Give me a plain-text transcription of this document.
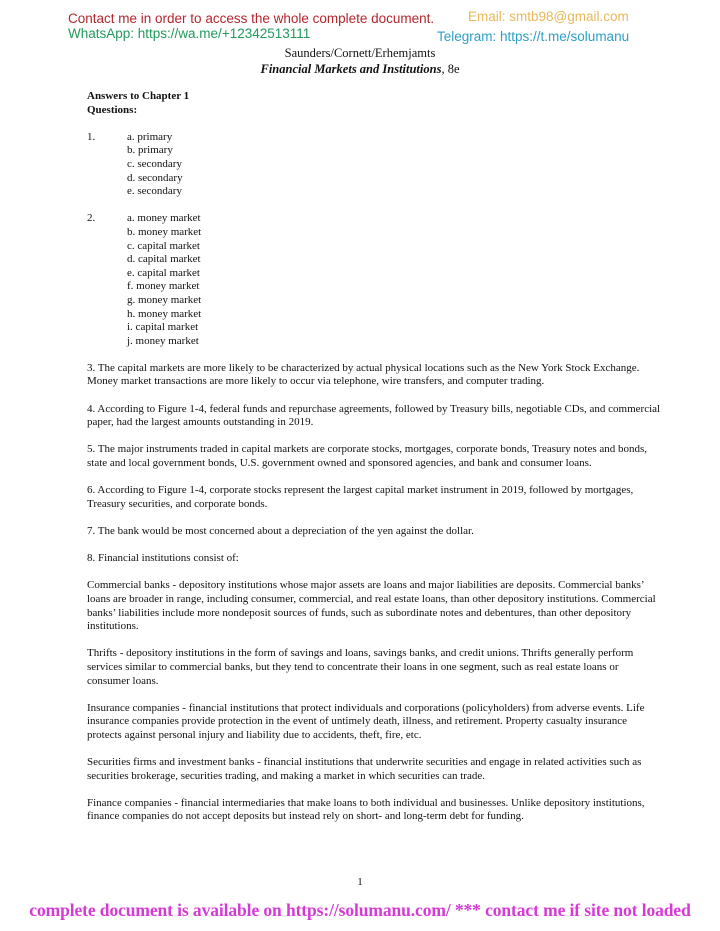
Contact me in order to access the whole complete document.	Email: smtb98@gmail.com
WhatsApp: https://wa.me/+12342513111	Telegram: https://t.me/solumanu
Saunders/Cornett/Erhemjamts
Financial Markets and Institutions, 8e

Answers to Chapter 1

Questions:

1.	a. primary
b. primary
c. secondary
d. secondary
e. secondary
2.	a. money market
b. money market
c. capital market
d. capital market
e. capital market
f. money market
g. money market
h. money market
i. capital market
j. money market

3. The capital markets are more likely to be characterized by actual physical locations such as the New York Stock Exchange. Money market transactions are more likely to occur via telephone, wire transfers, and computer trading.

4. According to Figure 1-4, federal funds and repurchase agreements, followed by Treasury bills, negotiable CDs, and commercial paper, had the largest amounts outstanding in 2019.

5. The major instruments traded in capital markets are corporate stocks, mortgages, corporate bonds, Treasury notes and bonds, state and local government bonds, U.S. government owned and sponsored agencies, and bank and consumer loans.

6. According to Figure 1-4, corporate stocks represent the largest capital market instrument in 2019, followed by mortgages, Treasury securities, and corporate bonds.

7. The bank would be most concerned about a depreciation of the yen against the dollar.

8. Financial institutions consist of:

Commercial banks - depository institutions whose major assets are loans and major liabilities are deposits. Commercial banks’ loans are broader in range, including consumer, commercial, and real estate loans, than other depository institutions. Commercial banks’ liabilities include more nondeposit sources of funds, such as subordinate notes and debentures, than other depository institutions.

Thrifts - depository institutions in the form of savings and loans, savings banks, and credit unions. Thrifts generally perform services similar to commercial banks, but they tend to concentrate their loans in one segment, such as real estate loans or consumer loans.

Insurance companies - financial institutions that protect individuals and corporations (policyholders) from adverse events. Life insurance companies provide protection in the event of untimely death, illness, and retirement. Property casualty insurance protects against personal injury and liability due to accidents, theft, fire, etc.

Securities firms and investment banks - financial institutions that underwrite securities and engage in related activities such as securities brokerage, securities trading, and making a market in which securities can trade.

Finance companies - financial intermediaries that make loans to both individual and businesses. Unlike depository institutions, finance companies do not accept deposits but instead rely on short- and long-term debt for funding.

1
complete document is available on https://solumanu.com/ *** contact me if site not loaded
